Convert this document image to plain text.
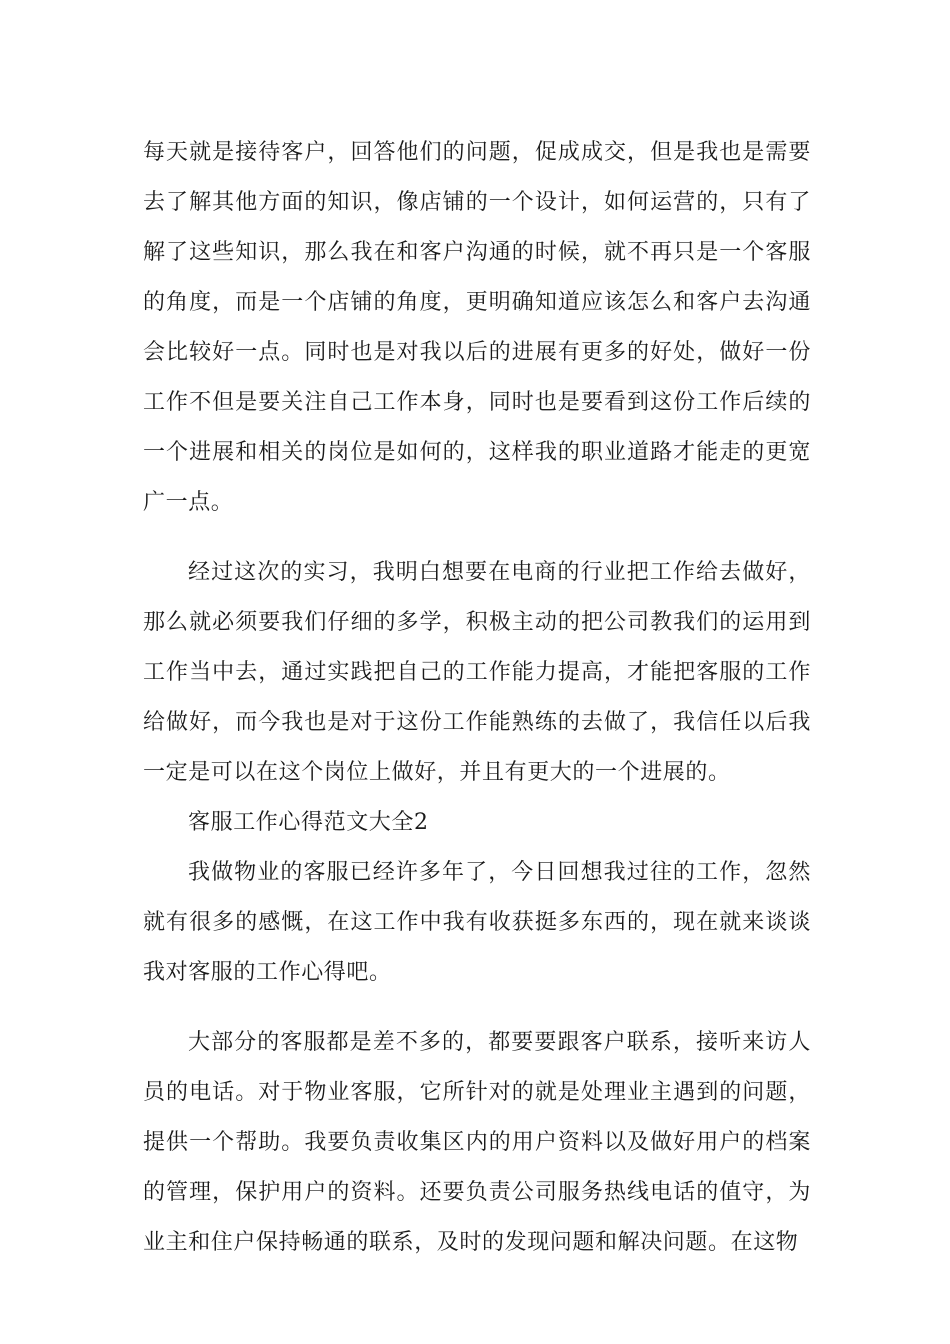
每天就是接待客户，回答他们的问题，促成成交，但是我也是需要去了解其他方面的知识，像店铺的一个设计，如何运营的，只有了解了这些知识，那么我在和客户沟通的时候，就不再只是一个客服的角度，而是一个店铺的角度，更明确知道应该怎么和客户去沟通会比较好一点。同时也是对我以后的进展有更多的好处，做好一份工作不但是要关注自己工作本身，同时也是要看到这份工作后续的一个进展和相关的岗位是如何的，这样我的职业道路才能走的更宽广一点。

经过这次的实习，我明白想要在电商的行业把工作给去做好，那么就必须要我们仔细的多学，积极主动的把公司教我们的运用到工作当中去，通过实践把自己的工作能力提高，才能把客服的工作给做好，而今我也是对于这份工作能熟练的去做了，我信任以后我一定是可以在这个岗位上做好，并且有更大的一个进展的。

客服工作心得范文大全2

我做物业的客服已经许多年了，今日回想我过往的工作，忽然就有很多的感慨，在这工作中我有收获挺多东西的，现在就来谈谈我对客服的工作心得吧。

大部分的客服都是差不多的，都要要跟客户联系，接听来访人员的电话。对于物业客服，它所针对的就是处理业主遇到的问题，提供一个帮助。我要负责收集区内的用户资料以及做好用户的档案的管理，保护用户的资料。还要负责公司服务热线电话的值守，为业主和住户保持畅通的联系，及时的发现问题和解决问题。在这物
